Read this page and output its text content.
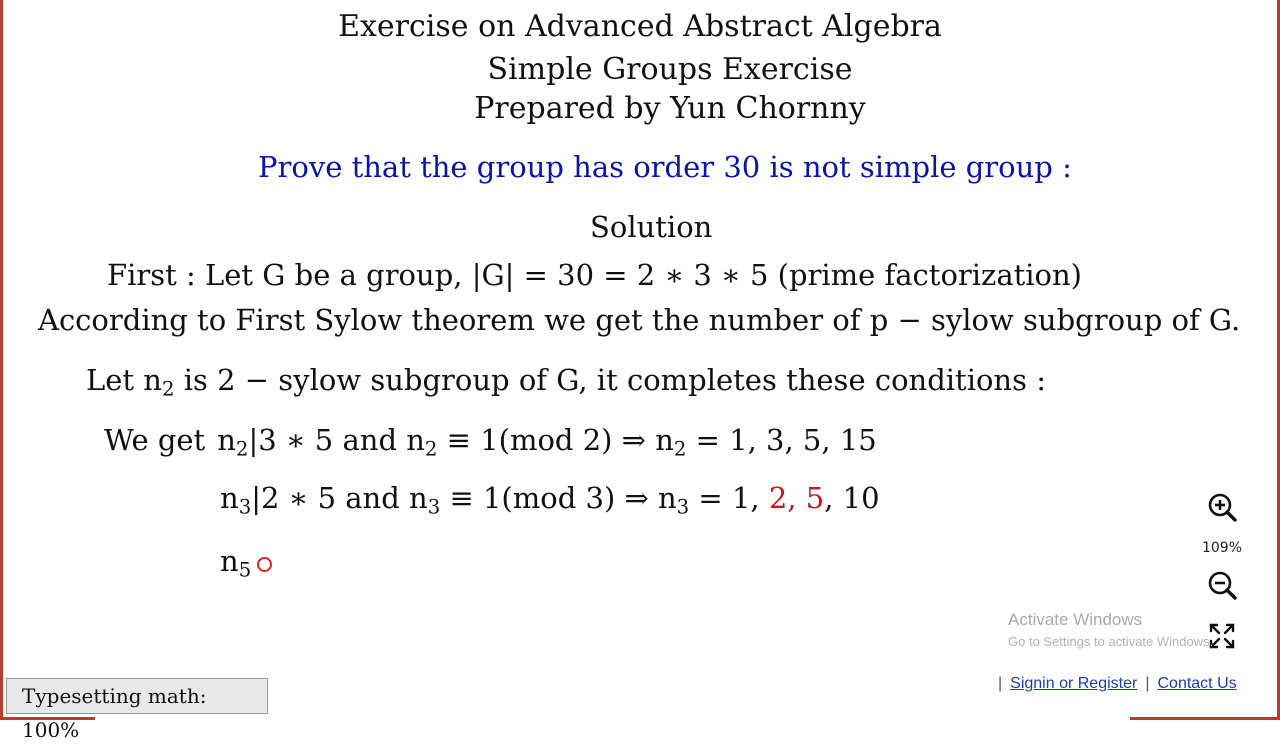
Exercise on Advanced Abstract Algebra
Simple Groups Exercise
Prepared by Yun Chornny
Prove that the group has order 30 is not simple group :
Solution
First : Let G be a group, |G| = 30 = 2 ∗ 3 ∗ 5 (prime factorization)
According to First Sylow theorem we get the number of p − sylow subgroup of G.
Let $n_2$ is 2 − sylow subgroup of G, it completes these conditions :
We get $n_2|3$ ∗ 5 and $n_2 \equiv 1(mod$ 2) ⇒ $n_2 = 1$, 3, 5, 15
$n_3|2$ ∗ 5 and $n_3 \equiv 1(mod$ 3) ⇒ $n_3 = 1$, 2, 5, 10
$n_5$
109%
Activate Windows
Go to Settings to activate Windows.
| Signin or Register | Contact Us
Typesetting math: 100%
